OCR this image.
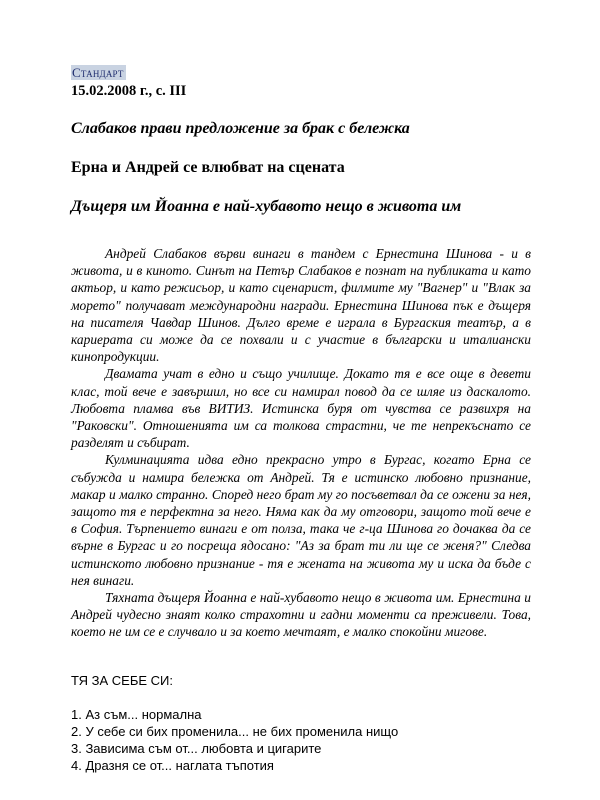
Стандарт
15.02.2008 г., с. III
Слабаков прави предложение за брак с бележка
Ерна и Андрей се влюбват на сцената
Дъщеря им Йоанна е най-хубавото нещо в живота им

Андрей Слабаков върви винаги в тандем с Ернестина Шинова - и в живота, и в киното. Синът на Петър Слабаков е познат на публиката и като актьор, и като режисьор, и като сценарист, филмите му "Вагнер" и "Влак за морето" получават международни награди. Ернестина Шинова пък е дъщеря на писателя Чавдар Шинов. Дълго време е играла в Бургаския театър, а в кариерата си може да се похвали и с участие в български и италиански кинопродукции.

Двамата учат в едно и също училище. Докато тя е все още в девети клас, той вече е завършил, но все си намирал повод да се шляе из даскалото. Любовта пламва във ВИТИЗ. Истинска буря от чувства се развихря на "Раковски". Отношенията им са толкова страстни, че те непрекъснато се разделят и събират.

Кулминацията идва едно прекрасно утро в Бургас, когато Ерна се събужда и намира бележка от Андрей. Тя е истинско любовно признание, макар и малко странно. Според него брат му го посъветвал да се ожени за нея, защото тя е перфектна за него. Няма как да му отговори, защото той вече е в София. Търпението винаги е от полза, така че г-ца Шинова го дочаква да се върне в Бургас и го посреща ядосано: "Аз за брат ти ли ще се женя?" Следва истинското любовно признание - тя е жената на живота му и иска да бъде с нея винаги.

Тяхната дъщеря Йоанна е най-хубавото нещо в живота им. Ернестина и Андрей чудесно знаят колко страхотни и гадни моменти са преживели. Това, което не им се е случвало и за което мечтаят, е малко спокойни мигове.

ТЯ ЗА СЕБЕ СИ:
1. Аз съм... нормална
2. У себе си бих променила... не бих променила нищо
3. Зависима съм от... любовта и цигарите
4. Дразня се от... наглата тъпотия
